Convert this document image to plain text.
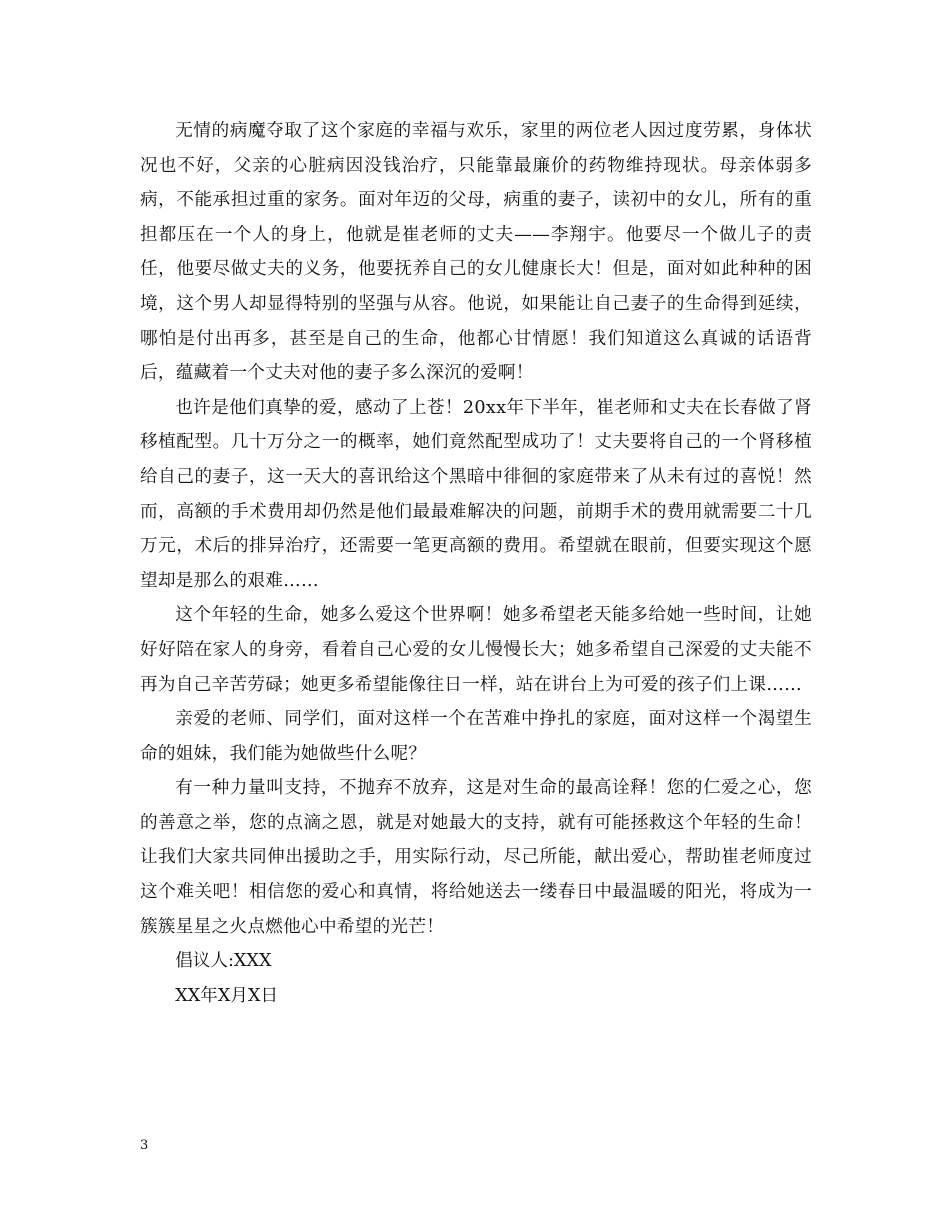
无情的病魔夺取了这个家庭的幸福与欢乐，家里的两位老人因过度劳累，身体状况也不好，父亲的心脏病因没钱治疗，只能靠最廉价的药物维持现状。母亲体弱多病，不能承担过重的家务。面对年迈的父母，病重的妻子，读初中的女儿，所有的重担都压在一个人的身上，他就是崔老师的丈夫——李翔宇。他要尽一个做儿子的责任，他要尽做丈夫的义务，他要抚养自己的女儿健康长大！但是，面对如此种种的困境，这个男人却显得特别的坚强与从容。他说，如果能让自己妻子的生命得到延续，哪怕是付出再多，甚至是自己的生命，他都心甘情愿！我们知道这么真诚的话语背后，蕴藏着一个丈夫对他的妻子多么深沉的爱啊！

也许是他们真挚的爱，感动了上苍！20xx年下半年，崔老师和丈夫在长春做了肾移植配型。几十万分之一的概率，她们竟然配型成功了！丈夫要将自己的一个肾移植给自己的妻子，这一天大的喜讯给这个黑暗中徘徊的家庭带来了从未有过的喜悦！然而，高额的手术费用却仍然是他们最最难解决的问题，前期手术的费用就需要二十几万元，术后的排异治疗，还需要一笔更高额的费用。希望就在眼前，但要实现这个愿望却是那么的艰难……

这个年轻的生命，她多么爱这个世界啊！她多希望老天能多给她一些时间，让她好好陪在家人的身旁，看着自己心爱的女儿慢慢长大；她多希望自己深爱的丈夫能不再为自己辛苦劳碌；她更多希望能像往日一样，站在讲台上为可爱的孩子们上课……

亲爱的老师、同学们，面对这样一个在苦难中挣扎的家庭，面对这样一个渴望生命的姐妹，我们能为她做些什么呢？

有一种力量叫支持，不抛弃不放弃，这是对生命的最高诠释！您的仁爱之心，您的善意之举，您的点滴之恩，就是对她最大的支持，就有可能拯救这个年轻的生命！让我们大家共同伸出援助之手，用实际行动，尽己所能，献出爱心，帮助崔老师度过这个难关吧！相信您的爱心和真情，将给她送去一缕春日中最温暖的阳光，将成为一簇簇星星之火点燃他心中希望的光芒！

倡议人:XXX

XX年X月X日

3
